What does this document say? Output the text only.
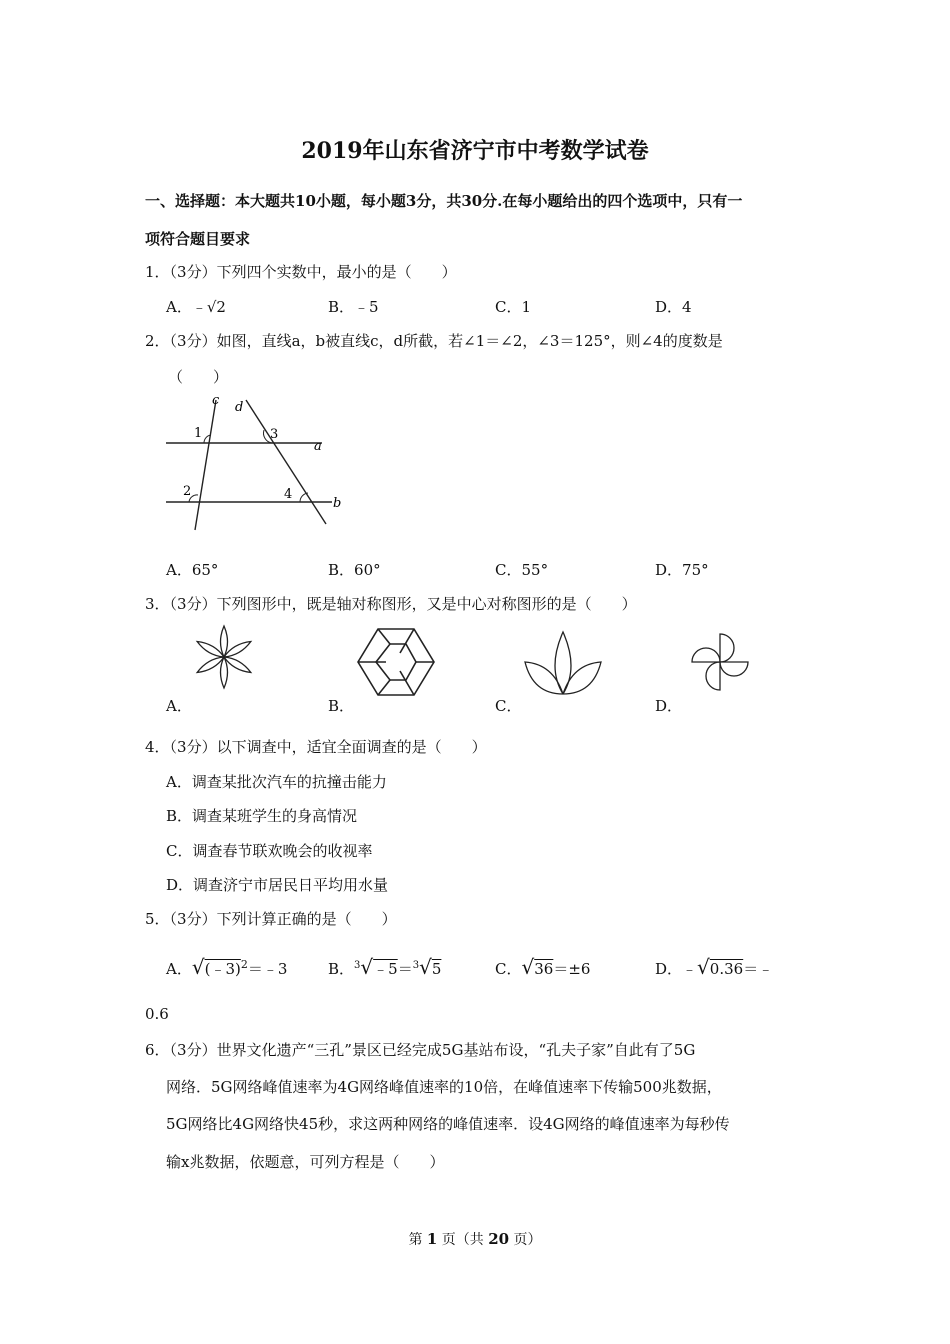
2019年山东省济宁市中考数学试卷
一、选择题：本大题共10小题，每小题3分，共30分.在每小题给出的四个选项中，只有一
项符合题目要求
1．（3分）下列四个实数中，最小的是（　　）
A．﹣√2	B．﹣5	C．1	D．4
2．（3分）如图，直线a，b被直线c，d所截，若∠1＝∠2，∠3＝125°，则∠4的度数是
（　　）
c d
a
b
1
2
3
4
A．65°	B．60°	C．55°	D．75°
3．（3分）下列图形中，既是轴对称图形，又是中心对称图形的是（　　）
A．	B．	C．	D．
4．（3分）以下调查中，适宜全面调查的是（　　）
A．调查某批次汽车的抗撞击能力
B．调查某班学生的身高情况
C．调查春节联欢晚会的收视率
D．调查济宁市居民日平均用水量
5．（3分）下列计算正确的是（　　）
A．√(﹣3)$^2$＝﹣3	B．$^3$√﹣5＝$^3$√5	C．√36＝±6	D．﹣√0.36＝﹣
0.6
6．（3分）世界文化遗产“三孔”景区已经完成5G基站布设，“孔夫子家”自此有了5G
网络．5G网络峰值速率为4G网络峰值速率的10倍，在峰值速率下传输500兆数据，
5G网络比4G网络快45秒，求这两种网络的峰值速率．设4G网络的峰值速率为每秒传
输x兆数据，依题意，可列方程是（　　）
第 1 页（共 20 页）
